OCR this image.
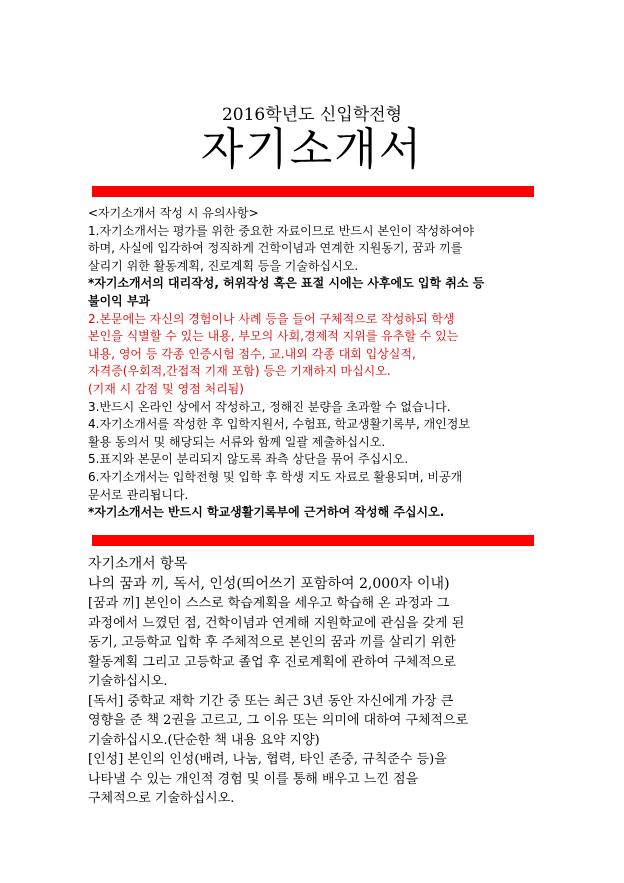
2016학년도 신입학전형
자기소개서

<자기소개서 작성 시 유의사항>

1.자기소개서는 평가를 위한 중요한 자료이므로 반드시 본인이 작성하여야

하며, 사실에 입각하여 정직하게 건학이념과 연계한 지원동기, 꿈과 끼를

살리기 위한 활동계획, 진로계획 등을 기술하십시오.

*자기소개서의 대리작성, 허위작성 혹은 표절 시에는 사후에도 입학 취소 등

불이익 부과

2.본문에는 자신의 경험이나 사례 등을 들어 구체적으로 작성하되 학생

본인을 식별할 수 있는 내용, 부모의 사회,경제적 지위를 유추할 수 있는

내용, 영어 등 각종 인증시험 점수, 교.내외 각종 대회 입상실적,

자격증(우회적,간접적 기재 포함) 등은 기재하지 마십시오.

(기재 시 감점 및 영점 처리됨)

3.반드시 온라인 상에서 작성하고, 정해진 분량을 초과할 수 없습니다.

4.자기소개서를 작성한 후 입학지원서, 수험표, 학교생활기록부, 개인정보

활용 동의서 및 해당되는 서류와 함께 일괄 제출하십시오.

5.표지와 본문이 분리되지 않도록 좌측 상단을 묶어 주십시오.

6.자기소개서는 입학전형 및 입학 후 학생 지도 자료로 활용되며, 비공개

문서로 관리됩니다.

*자기소개서는 반드시 학교생활기록부에 근거하여 작성해 주십시오.

자기소개서 항목

나의 꿈과 끼, 독서, 인성(띄어쓰기 포함하여 2,000자 이내)

[꿈과 끼] 본인이 스스로 학습계획을 세우고 학습해 온 과정과 그

과정에서 느꼈던 점, 건학이념과 연계해 지원학교에 관심을 갖게 된

동기, 고등학교 입학 후 주체적으로 본인의 꿈과 끼를 살리기 위한

활동계획 그리고 고등학교 졸업 후 진로계획에 관하여 구체적으로

기술하십시오.

[독서] 중학교 재학 기간 중 또는 최근 3년 동안 자신에게 가장 큰

영향을 준 책 2권을 고르고, 그 이유 또는 의미에 대하여 구체적으로

기술하십시오.(단순한 책 내용 요약 지양)

[인성] 본인의 인성(배려, 나눔, 협력, 타인 존중, 규칙준수 등)을

나타낼 수 있는 개인적 경험 및 이를 통해 배우고 느낀 점을

구체적으로 기술하십시오.
